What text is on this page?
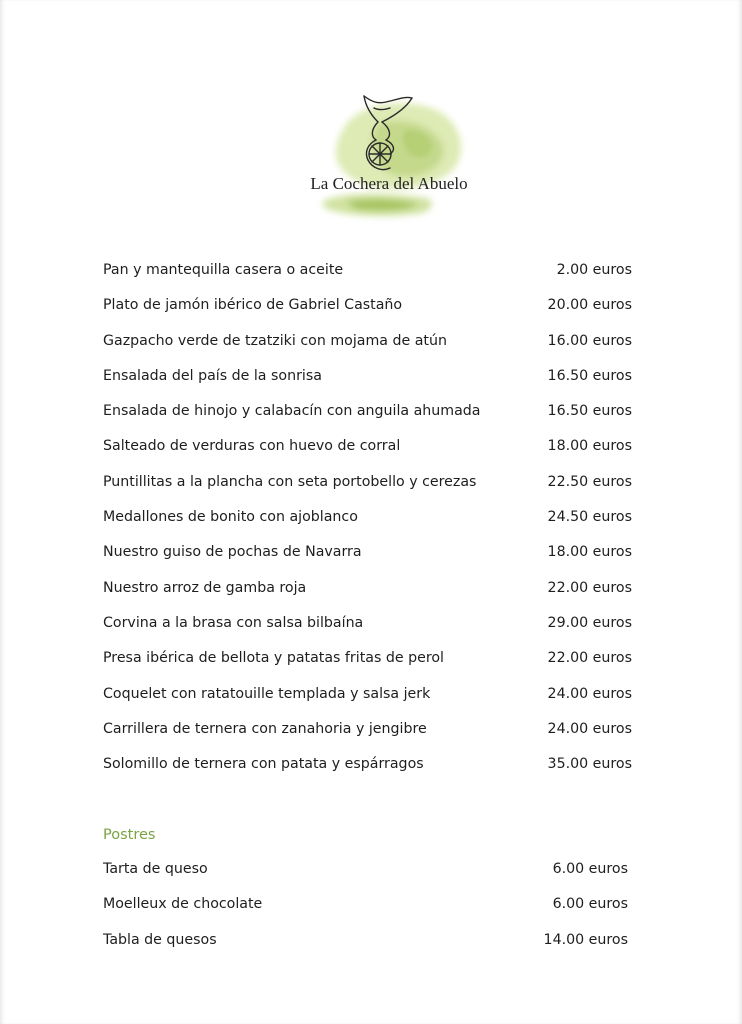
La Cochera del Abuelo
Pan y mantequilla casera o aceite	2.00 euros
Plato de jamón ibérico de Gabriel Castaño	20.00 euros
Gazpacho verde de tzatziki con mojama de atún	16.00 euros
Ensalada del país de la sonrisa	16.50 euros
Ensalada de hinojo y calabacín con anguila ahumada	16.50 euros
Salteado de verduras con huevo de corral	18.00 euros
Puntillitas a la plancha con seta portobello y cerezas	22.50 euros
Medallones de bonito con ajoblanco	24.50 euros
Nuestro guiso de pochas de Navarra	18.00 euros
Nuestro arroz de gamba roja	22.00 euros
Corvina a la brasa con salsa bilbaína	29.00 euros
Presa ibérica de bellota y patatas fritas de perol	22.00 euros
Coquelet con ratatouille templada y salsa jerk	24.00 euros
Carrillera de ternera con zanahoria y jengibre	24.00 euros
Solomillo de ternera con patata y espárragos	35.00 euros
Postres
Tarta de queso	6.00 euros
Moelleux de chocolate	6.00 euros
Tabla de quesos	14.00 euros
